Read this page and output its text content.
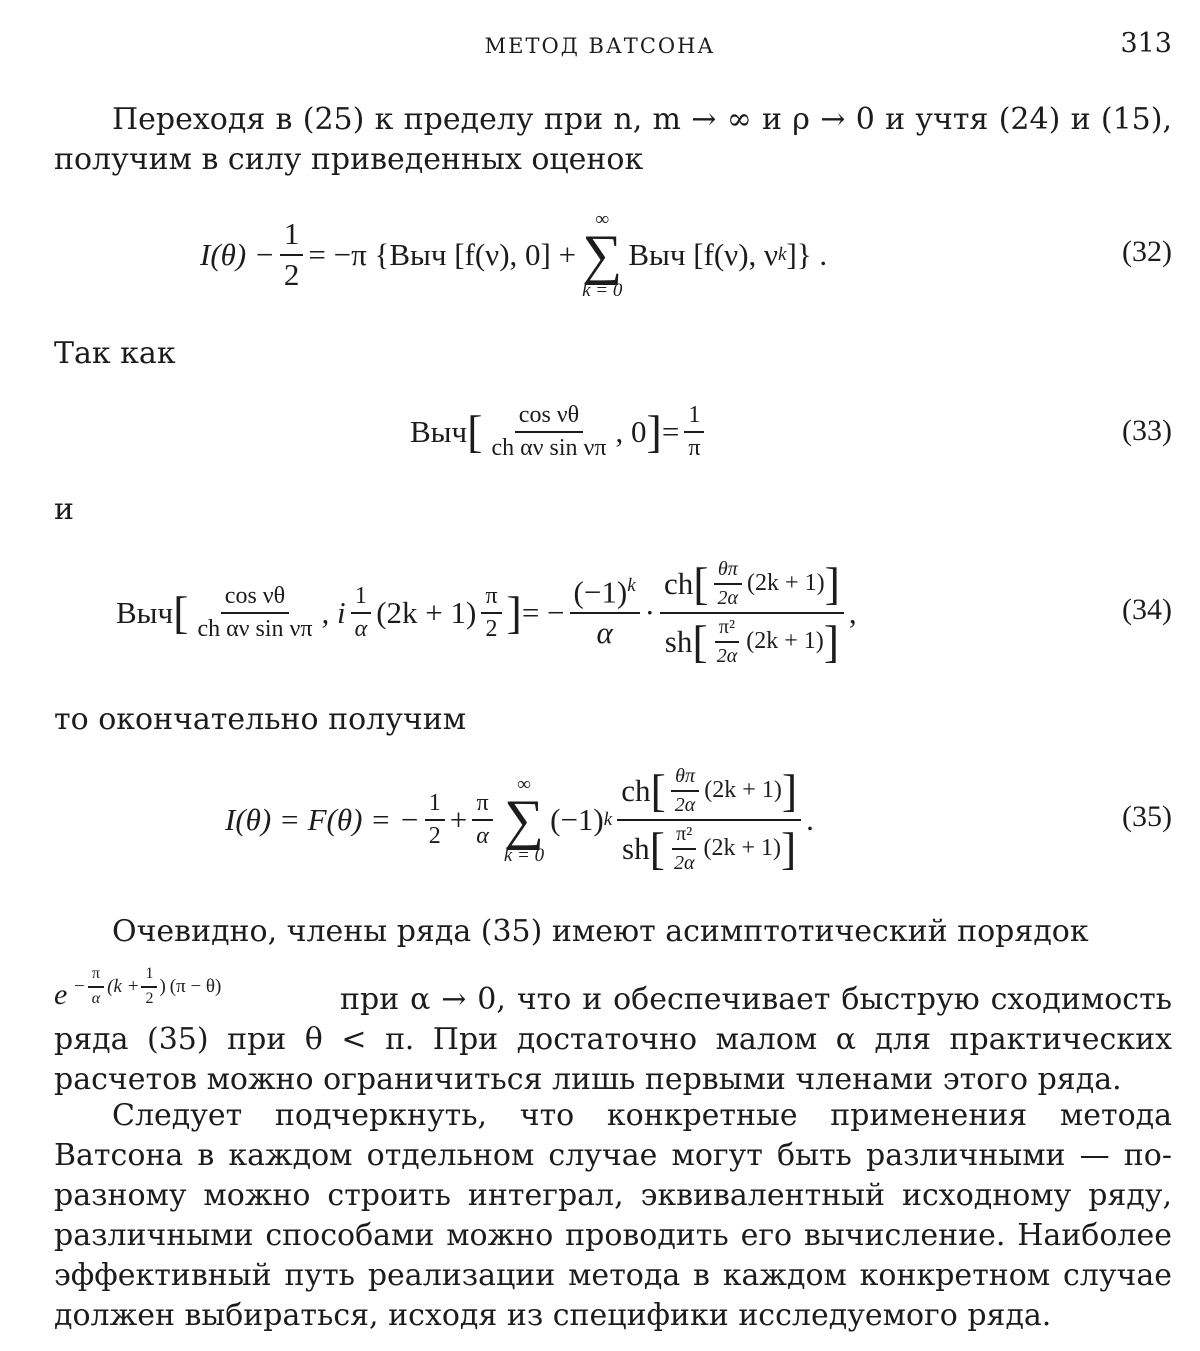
МЕТОД ВАТСОНА	313

Переходя в (25) к пределу при n, m → ∞ и ρ → 0 и учтя (24) и (15), получим в силу приведенных оценок

$I(\theta) - \frac{1}{2} = -\pi$ {Выч [f(ν), 0] +
∞
∑
k = 0
Выч [f(ν), ν k ]} .	(32)

Так как

Выч [ $\frac{\text{cos νθ}}{\text{ch αν sin νπ}}$ , 0 ] = $\frac{1}{\pi}$	(33)

и

Выч [ $\frac{\text{cos νθ}}{\text{ch αν sin νπ}}$ , i $\frac{1}{\alpha} (2k + 1) \frac{\pi}{2}$ ] = − $\frac{(-1)^k}{\alpha}$ ·
ch [ $\frac{\theta\pi}{2\alpha} (2k + 1)$ ]
sh [ $\frac{\text{π²}}{2\alpha} (2k + 1)$ ]
,	(34)

то окончательно получим

I(θ) = F(θ) = − $\frac{1}{2} + \frac{\pi}{\alpha}$
∞
∑
k = 0
(−1) k
ch [ $\frac{\theta\pi}{2\alpha} (2k + 1)$ ]
sh [ $\frac{\text{π²}}{2\alpha} (2k + 1)$ ]
.	(35)

Очевидно, члены ряда (35) имеют асимптотический порядок

$e - \frac{\pi}{\alpha} (k + \frac{1}{2}$ ) (π − θ)	при α → 0, что и обеспечивает быструю сходимость ряда (35) при θ < π. При достаточно малом α для практических расчетов можно ограничиться лишь первыми членами этого ряда.

Следует подчеркнуть, что конкретные применения метода Ватсона в каждом отдельном случае могут быть различными — по-разному можно строить интеграл, эквивалентный исходному ряду, различными способами можно проводить его вычисление. Наиболее эффективный путь реализации метода в каждом конкретном случае должен выбираться, исходя из специфики исследуемого ряда.
